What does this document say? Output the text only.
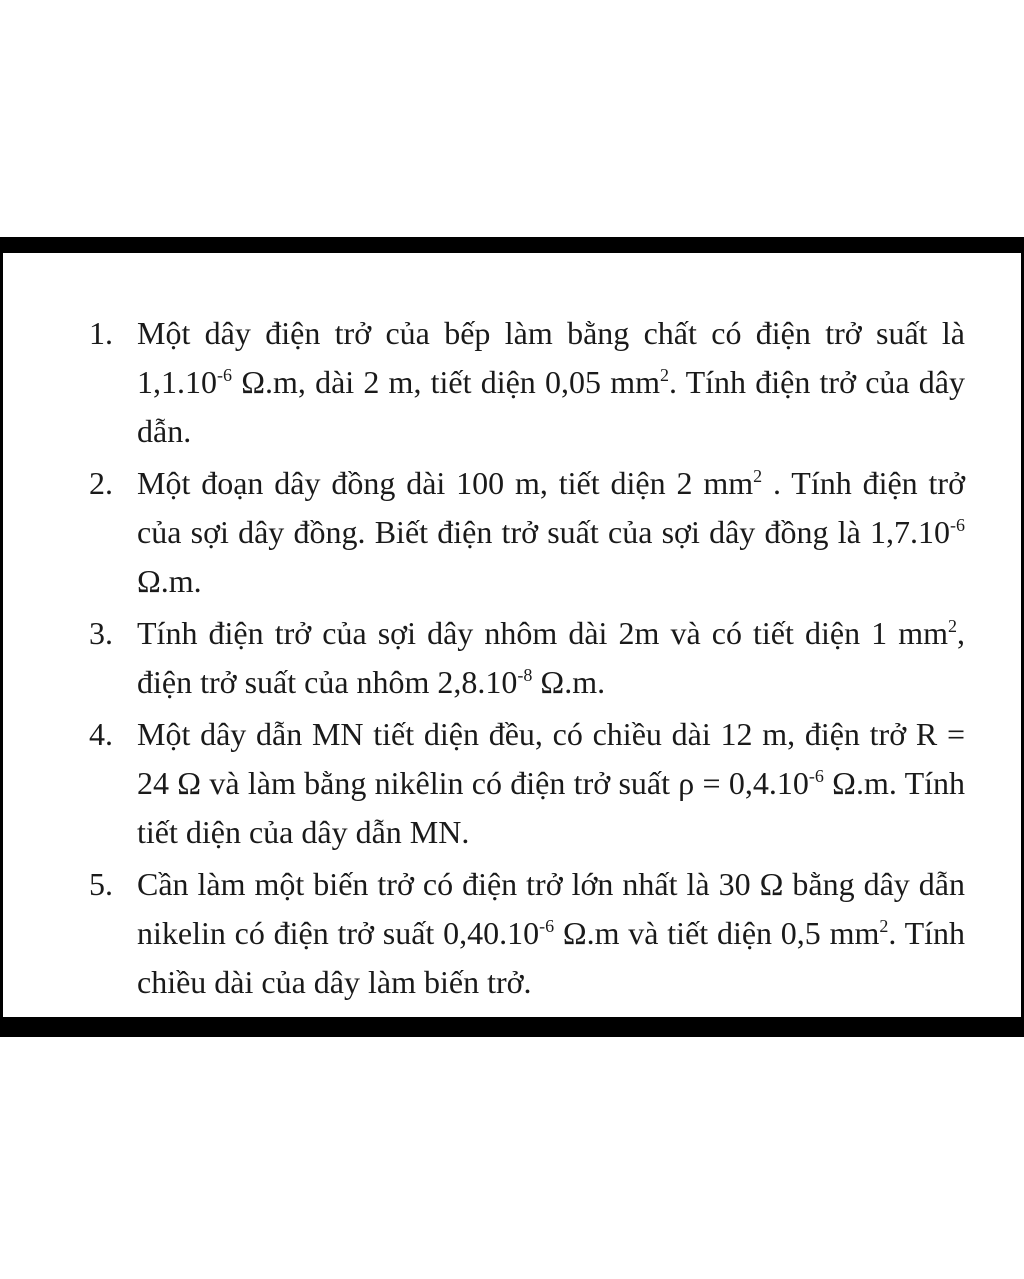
1. Một dây điện trở của bếp làm bằng chất có điện trở suất là $1,1.10^{-6}$ Ω.m, dài 2 m, tiết diện 0,05 $mm^2$. Tính điện trở của dây dẫn.
2. Một đoạn dây đồng dài 100 m, tiết diện 2 $mm^2$ . Tính điện trở của sợi dây đồng. Biết điện trở suất của sợi dây đồng là $1,7.10^{-6}$ Ω.m.
3. Tính điện trở của sợi dây nhôm dài 2m và có tiết diện 1 $mm^2$, điện trở suất của nhôm $2,8.10^{-8}$ Ω.m.
4. Một dây dẫn MN tiết diện đều, có chiều dài 12 m, điện trở R = 24 Ω và làm bằng nikêlin có điện trở suất $\rho = 0,4.10^{-6}$ Ω.m. Tính tiết diện của dây dẫn MN.
5. Cần làm một biến trở có điện trở lớn nhất là 30 Ω bằng dây dẫn nikelin có điện trở suất $0,40.10^{-6}$ Ω.m và tiết diện 0,5 $mm^2$. Tính chiều dài của dây làm biến trở.
